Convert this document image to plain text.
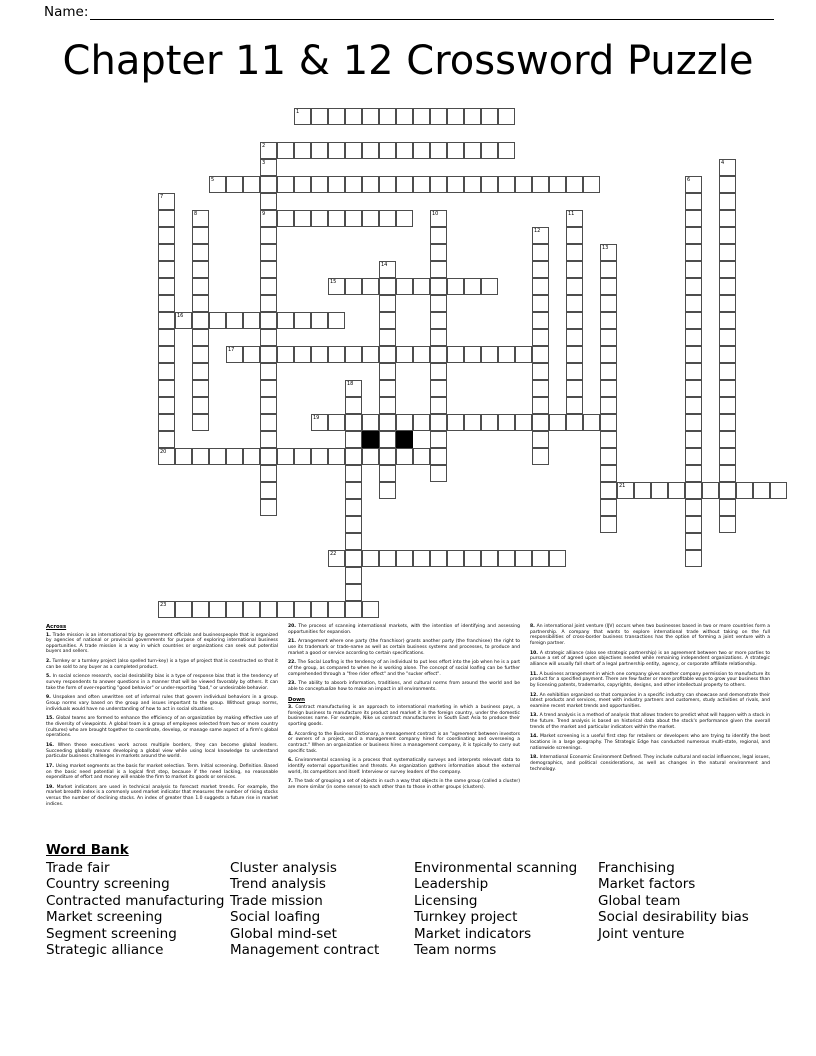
Name:
Chapter 11 & 12 Crossword Puzzle
1
2
3	4
5	6
7
8	9	10	11
12
13
14
15
16
17
18
19
20
21
22
23
Across
1. Trade mission is an international trip by government officials and businesspeople that is organized by agencies of national or provincial governments for purpose of exploring international business opportunities. A trade mission is a way in which countries or organizations can seek out potential buyers and sellers.
2. Turnkey or a turnkey project (also spelled turn-key) is a type of project that is constructed so that it can be sold to any buyer as a completed product.
5. In social science research, social desirability bias is a type of response bias that is the tendency of survey respondents to answer questions in a manner that will be viewed favorably by others. It can take the form of over-reporting "good behavior" or under-reporting "bad," or undesirable behavior.
9. Unspoken and often unwritten set of informal rules that govern individual behaviors in a group. Group norms vary based on the group and issues important to the group. Without group norms, individuals would have no understanding of how to act in social situations.
15. Global teams are formed to enhance the efficiency of an organization by making effective use of the diversity of viewpoints. A global team is a group of employees selected from two or more country (cultures) who are brought together to coordinate, develop, or manage same aspect of a firm's global operations.
16. When these executives work across multiple borders, they can become global leaders. Succeeding globally means developing a global view while using local knowledge to understand particular business challenges in markets around the world.
17. Using market segments as the basis for market selection. Term. Initial screening. Definition. Based on the basic need potential is a logical first step, because if the need lacking, no reasonable expenditure of effort and money will enable the firm to market its goods or services.
19. Market indicators are used in technical analysis to forecast market trends. For example, the market breadth index is a commonly used market indicator that measures the number of rising stocks versus the number of declining stocks. An index of greater than 1.0 suggests a future rise in market indices.
20. The process of scanning international markets, with the intention of identifying and assessing opportunities for expansion.
21. Arrangement where one party (the franchisor) grants another party (the franchisee) the right to use its trademark or trade-name as well as certain business systems and processes, to produce and market a good or service according to certain specifications.
22. The Social Loafing is the tendency of an individual to put less effort into the job when he is a part of the group, as compared to when he is working alone. The concept of social loafing can be further comprehended through a "free rider effect" and the "sucker effect".
23. The ability to absorb information, traditions, and cultural norms from around the world and be able to conceptualize how to make an impact in all environments.
Down
3. Contract manufacturing is an approach to international marketing in which a business pays, a foreign business to manufacture its product and market it in the foreign country, under the domestic businesses name. For example, Nike us contract manufacturers in South East Asia to produce their sporting goods.
4. According to the Business Dictionary, a management contract is an "agreement between investors or owners of a project, and a management company hired for coordinating and overseeing a contract." When an organization or business hires a management company, it is typically to carry out specific task.
6. Environmental scanning is a process that systematically surveys and interprets relevant data to identify external opportunities and threats. An organization gathers information about the external world, its competitors and itself. Interview or survey leaders of the company.
7. The task of grouping a set of objects in such a way that objects in the same group (called a cluster) are more similar (in some sense) to each other than to those in other groups (clusters).
8. An international joint venture (IJV) occurs when two businesses based in two or more countries form a partnership. A company that wants to explore international trade without taking on the full responsibilities of cross-border business transactions has the option of forming a joint venture with a foreign partner.
10. A strategic alliance (also see strategic partnership) is an agreement between two or more parties to pursue a set of agreed upon objectives needed while remaining independent organizations. A strategic alliance will usually fall short of a legal partnership entity, agency, or corporate affiliate relationship.
11. A business arrangement in which one company gives another company permission to manufacture its product for a specified payment. There are few faster or more profitable ways to grow your business than by licensing patents, trademarks, copyrights, designs, and other intellectual property to others.
12. An exhibition organized so that companies in a specific industry can showcase and demonstrate their latest products and services, meet with industry partners and customers, study activities of rivals, and examine recent market trends and opportunities.
13. A trend analysis is a method of analysis that allows traders to predict what will happen with a stock in the future. Trend analysis is based on historical data about the stock's performance given the overall trends of the market and particular indicators within the market.
14. Market screening is a useful first step for retailers or developers who are trying to identify the best locations in a large geography. The Strategic Edge has conducted numerous multi-state, regional, and nationwide screenings.
18. International Economic Environment Defined. They include cultural and social influences, legal issues, demographics, and political considerations, as well as changes in the natural environment and technology.
Word Bank
Trade fair
Country screening
Contracted manufacturing
Market screening
Segment screening
Strategic alliance
Cluster analysis
Trend analysis
Trade mission
Social loafing
Global mind-set
Management contract
Environmental scanning
Leadership
Licensing
Turnkey project
Market indicators
Team norms
Franchising
Market factors
Global team
Social desirability bias
Joint venture
